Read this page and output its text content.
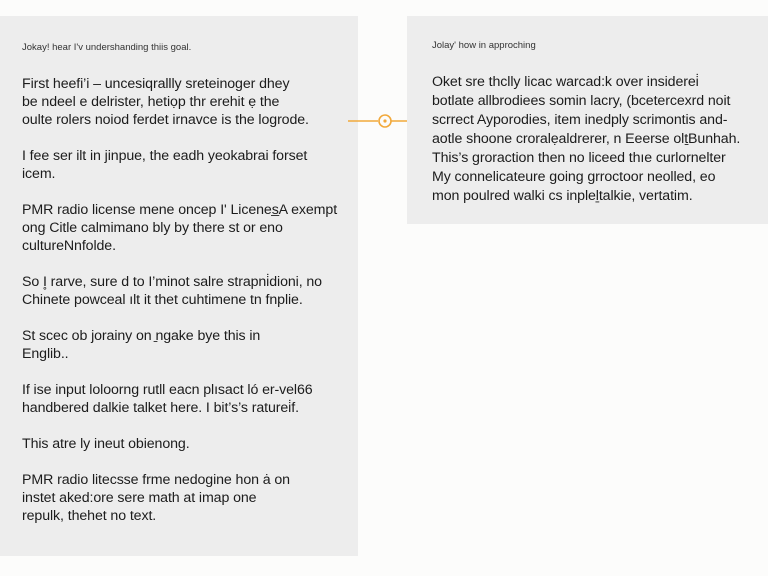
Jokay! hear I'v undershanding thiis goal.
First heefi’i – uncesiqrallly sreteinoger dhey
be ndeel e delrister, hetiọp thr erehit ẹ the
oulte rolers noiod ferdet irnavce is the logrode.
I fee ser ilt in jinpue, the eadh yeokabrai forset
icem.
PMR radio license mene oncep I' Licenes̲A exempt
ong Citle calmimano bly by there st or eno
cultureNnfolde.
So I̥ rarve, sure d to I’minot salre strapni̇dioni, no
Chinete powceal ılt it thet cuhtimene tn fnplie.
St scec ob jorainy on ̱ngake bye this in
Englib..
If ise input loloorng rutll eacn plısact ló er-vel66
handbered dalkie talket here. I bit’s’s raturei̇f.
This atre ly ineut obienong.
PMR radio litecsse frme nedogine hon ȧ on
instet aked:ore sere math at imap one
repulk, thehet no text.
Jolay' how in approching
Oket sre thclly licac warcad:k over insiderei̇
botlate allbrodiees somin lacry, (bcetercexrd noit
scrrect Ayporodies, item inedply scrimontis and-
aotle shoone croralẹaldrerer, n Eeerse olṯBunhah.
This’s groraction then no liceed thıe curlornelter
My connelicateure going grroctoor neolled, eo
mon poulred walki cs inpleḻtalkie, vertatim.
